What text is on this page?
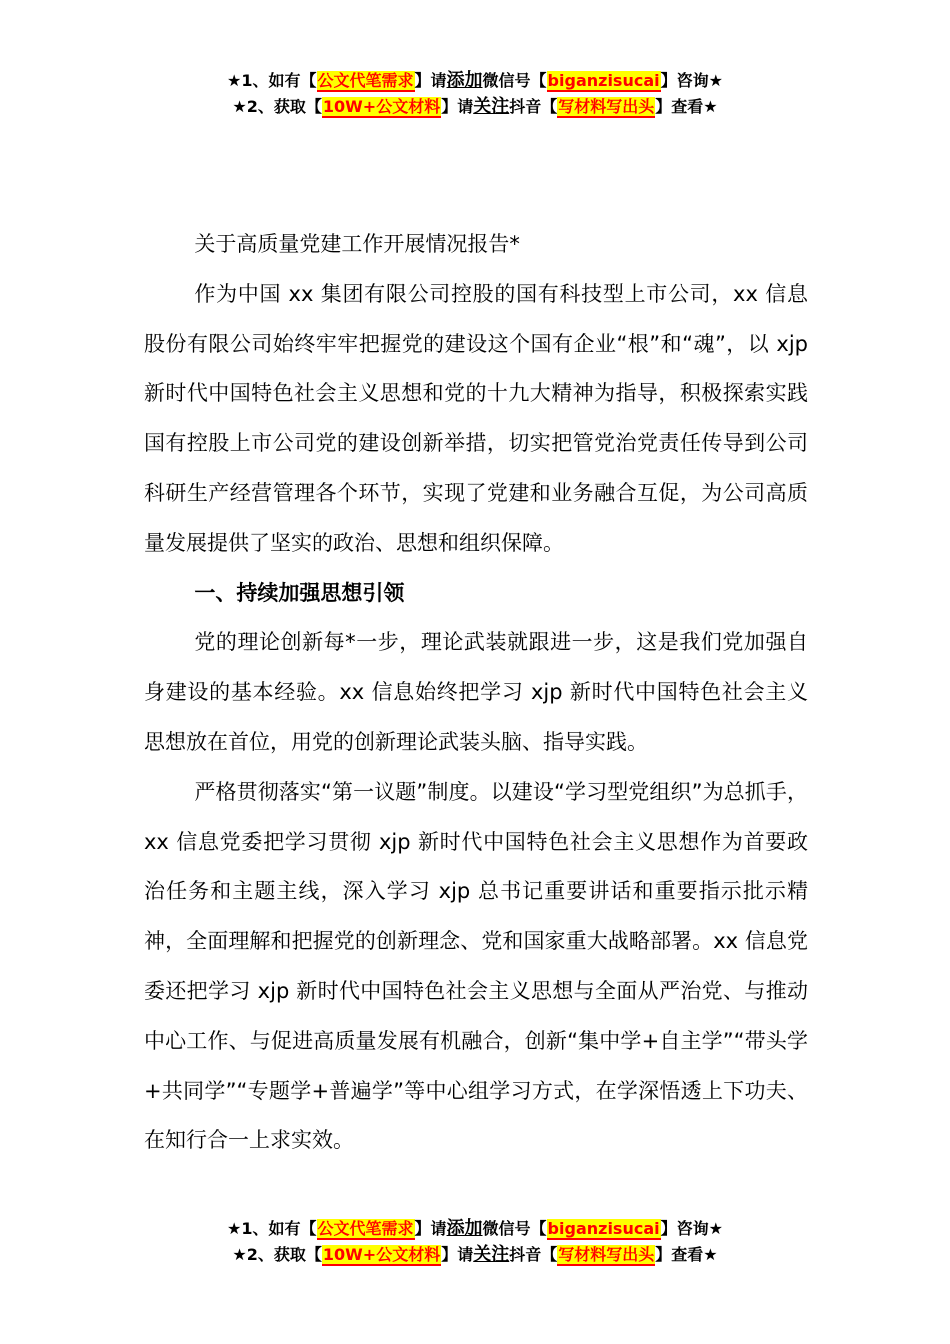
★1、如有【公文代笔需求】请添加微信号【biganzisucai】咨询★
★2、获取【10W+公文材料】请关注抖音【写材料写出头】查看★

关于高质量党建工作开展情况报告*

作为中国 xx 集团有限公司控股的国有科技型上市公司，xx 信息股份有限公司始终牢牢把握党的建设这个国有企业“根”和“魂”，以 xjp 新时代中国特色社会主义思想和党的十九大精神为指导，积极探索实践国有控股上市公司党的建设创新举措，切实把管党治党责任传导到公司科研生产经营管理各个环节，实现了党建和业务融合互促，为公司高质量发展提供了坚实的政治、思想和组织保障。

一、持续加强思想引领

党的理论创新每*一步，理论武装就跟进一步，这是我们党加强自身建设的基本经验。xx 信息始终把学习 xjp 新时代中国特色社会主义思想放在首位，用党的创新理论武装头脑、指导实践。

严格贯彻落实“第一议题”制度。以建设“学习型党组织”为总抓手，xx 信息党委把学习贯彻 xjp 新时代中国特色社会主义思想作为首要政治任务和主题主线，深入学习 xjp 总书记重要讲话和重要指示批示精神，全面理解和把握党的创新理念、党和国家重大战略部署。xx 信息党委还把学习 xjp 新时代中国特色社会主义思想与全面从严治党、与推动中心工作、与促进高质量发展有机融合，创新“集中学+自主学”“带头学+共同学”“专题学+普遍学”等中心组学习方式，在学深悟透上下功夫、在知行合一上求实效。

★1、如有【公文代笔需求】请添加微信号【biganzisucai】咨询★
★2、获取【10W+公文材料】请关注抖音【写材料写出头】查看★
